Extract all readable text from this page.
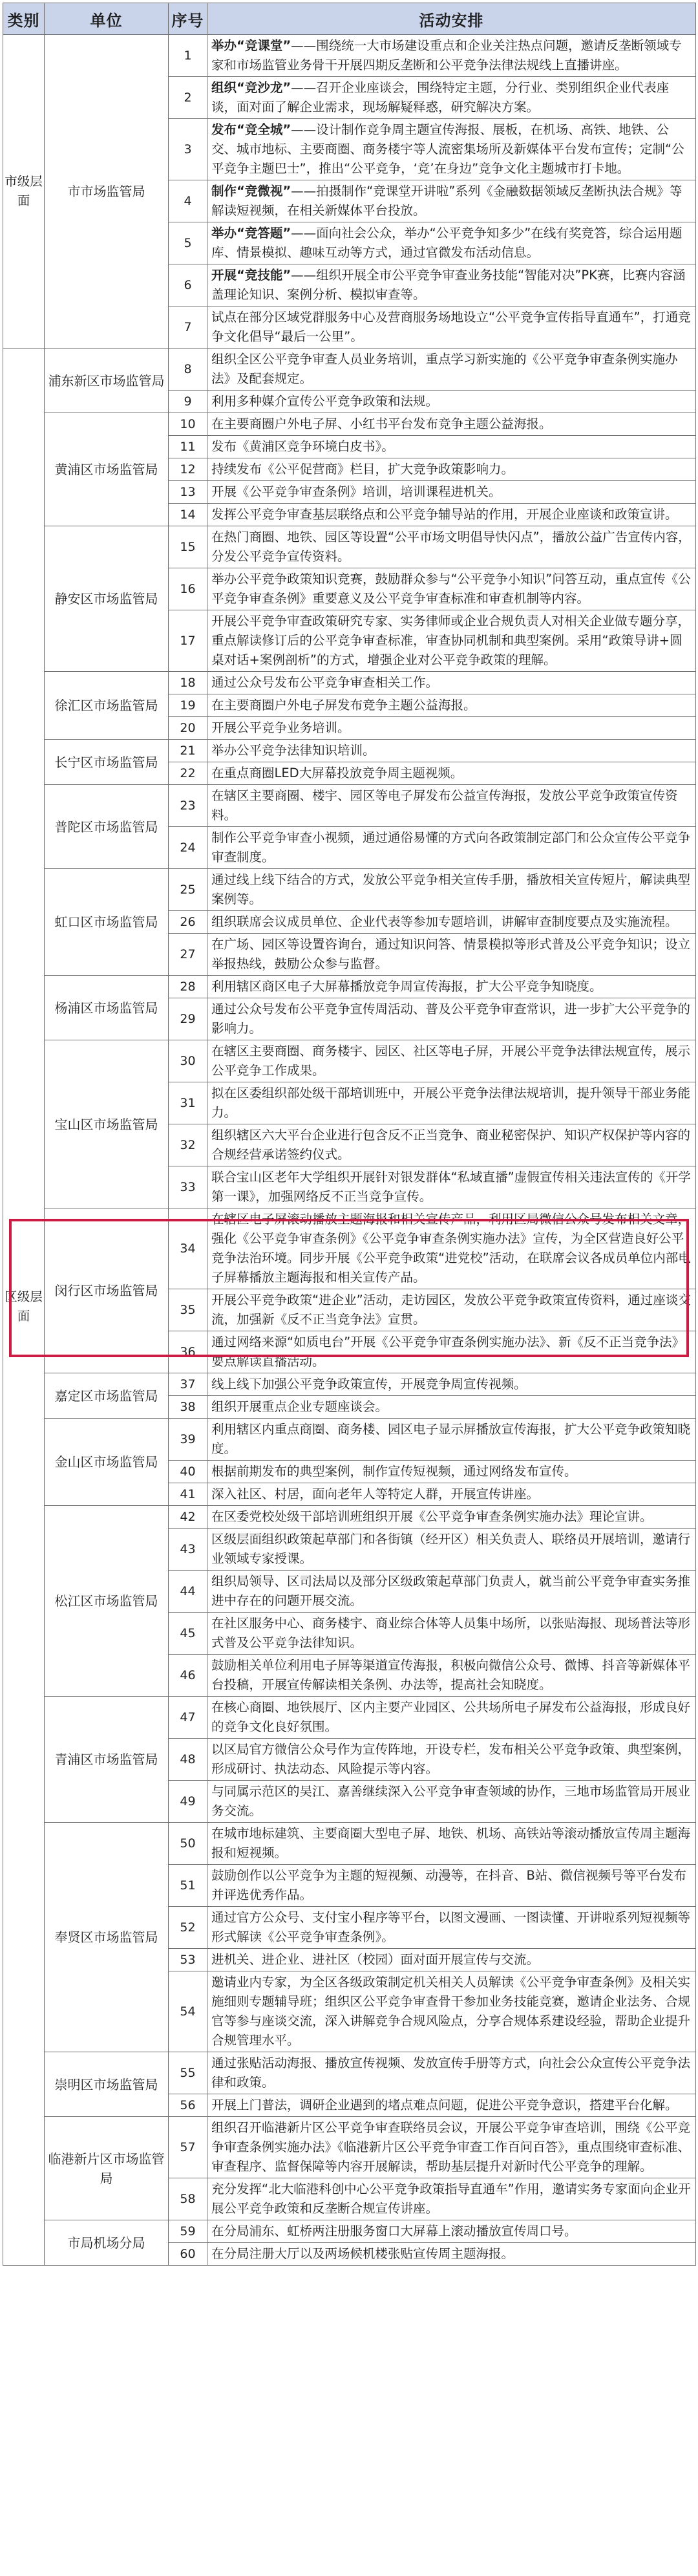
类别	单位	序号	活动安排
市级层面	市市场监管局	1	举办“竞课堂”——围绕统一大市场建设重点和企业关注热点问题，邀请反垄断领域专家和市场监管业务骨干开展四期反垄断和公平竞争法律法规线上直播讲座。
		2	组织“竞沙龙”——召开企业座谈会，围绕特定主题，分行业、类别组织企业代表座谈，面对面了解企业需求，现场解疑释惑，研究解决方案。
		3	发布“竞全城”——设计制作竞争周主题宣传海报、展板，在机场、高铁、地铁、公交、城市地标、主要商圈、商务楼宇等人流密集场所及新媒体平台发布宣传；定制“公平竞争主题巴士”，推出“公平竞争，‘竞’在身边”竞争文化主题城市打卡地。
		4	制作“竞微视”——拍摄制作“竞课堂开讲啦”系列《金融数据领域反垄断执法合规》等解读短视频，在相关新媒体平台投放。
		5	举办“竞答题”——面向社会公众，举办“公平竞争知多少”在线有奖竞答，综合运用题库、情景模拟、趣味互动等方式，通过官微发布活动信息。
		6	开展“竞技能”——组织开展全市公平竞争审查业务技能“智能对决”PK赛，比赛内容涵盖理论知识、案例分析、模拟审查等。
		7	试点在部分区域党群服务中心及营商服务场地设立“公平竞争宣传指导直通车”，打通竞争文化倡导“最后一公里”。
区级层面	浦东新区市场监管局	8	组织全区公平竞争审查人员业务培训，重点学习新实施的《公平竞争审查条例实施办法》及配套规定。
		9	利用多种媒介宣传公平竞争政策和法规。
	黄浦区市场监管局	10	在主要商圈户外电子屏、小红书平台发布竞争主题公益海报。
		11	发布《黄浦区竞争环境白皮书》。
		12	持续发布《公平促营商》栏目，扩大竞争政策影响力。
		13	开展《公平竞争审查条例》培训，培训课程进机关。
		14	发挥公平竞争审查基层联络点和公平竞争辅导站的作用，开展企业座谈和政策宣讲。
	静安区市场监管局	15	在热门商圈、地铁、园区等设置“公平市场文明倡导快闪点”，播放公益广告宣传内容，分发公平竞争宣传资料。
		16	举办公平竞争政策知识竞赛，鼓励群众参与“公平竞争小知识”问答互动，重点宣传《公平竞争审查条例》重要意义及公平竞争审查标准和审查机制等内容。
		17	开展公平竞争审查政策研究专家、实务律师或企业合规负责人对相关企业做专题分享，重点解读修订后的公平竞争审查标准，审查协同机制和典型案例。采用“政策导讲+圆桌对话+案例剖析”的方式，增强企业对公平竞争政策的理解。
	徐汇区市场监管局	18	通过公众号发布公平竞争审查相关工作。
		19	在主要商圈户外电子屏发布竞争主题公益海报。
		20	开展公平竞争业务培训。
	长宁区市场监管局	21	举办公平竞争法律知识培训。
		22	在重点商圈LED大屏幕投放竞争周主题视频。
	普陀区市场监管局	23	在辖区主要商圈、楼宇、园区等电子屏发布公益宣传海报，发放公平竞争政策宣传资料。
		24	制作公平竞争审查小视频，通过通俗易懂的方式向各政策制定部门和公众宣传公平竞争审查制度。
	虹口区市场监管局	25	通过线上线下结合的方式，发放公平竞争相关宣传手册，播放相关宣传短片，解读典型案例等。
		26	组织联席会议成员单位、企业代表等参加专题培训，讲解审查制度要点及实施流程。
		27	在广场、园区等设置咨询台，通过知识问答、情景模拟等形式普及公平竞争知识；设立举报热线，鼓励公众参与监督。
	杨浦区市场监管局	28	利用辖区商区电子大屏幕播放竞争周宣传海报，扩大公平竞争知晓度。
		29	通过公众号发布公平竞争宣传周活动、普及公平竞争审查常识，进一步扩大公平竞争的影响力。
	宝山区市场监管局	30	在辖区主要商圈、商务楼宇、园区、社区等电子屏，开展公平竞争法律法规宣传，展示公平竞争工作成果。
		31	拟在区委组织部处级干部培训班中，开展公平竞争法律法规培训，提升领导干部业务能力。
		32	组织辖区六大平台企业进行包含反不正当竞争、商业秘密保护、知识产权保护等内容的合规经营承诺签约仪式。
		33	联合宝山区老年大学组织开展针对银发群体“私域直播”虚假宣传相关违法宣传的《开学第一课》，加强网络反不正当竞争宣传。
	闵行区市场监管局	34	在辖区电子屏滚动播放主题海报和相关宣传产品，利用区局微信公众号发布相关文章，强化《公平竞争审查条例》《公平竞争审查条例实施办法》宣传，为全区营造良好公平竞争法治环境。同步开展《公平竞争政策“进党校”活动，在联席会议各成员单位内部电子屏幕播放主题海报和相关宣传产品。
		35	开展公平竞争政策“进企业”活动，走访园区，发放公平竞争政策宣传资料，通过座谈交流，加强新《反不正当竞争法》宣贯。
		36	通过网络来源“如质电台”开展《公平竞争审查条例实施办法》、新《反不正当竞争法》要点解读直播活动。
	嘉定区市场监管局	37	线上线下加强公平竞争政策宣传，开展竞争周宣传视频。
		38	组织开展重点企业专题座谈会。
	金山区市场监管局	39	利用辖区内重点商圈、商务楼、园区电子显示屏播放宣传海报，扩大公平竞争政策知晓度。
		40	根据前期发布的典型案例，制作宣传短视频，通过网络发布宣传。
		41	深入社区、村居，面向老年人等特定人群，开展宣传讲座。
	松江区市场监管局	42	在区委党校处级干部培训班组织开展《公平竞争审查条例实施办法》理论宣讲。
		43	区级层面组织政策起草部门和各街镇（经开区）相关负责人、联络员开展培训，邀请行业领域专家授课。
		44	组织局领导、区司法局以及部分区级政策起草部门负责人，就当前公平竞争审查实务推进中存在的问题开展交流。
		45	在社区服务中心、商务楼宇、商业综合体等人员集中场所，以张贴海报、现场普法等形式普及公平竞争法律知识。
		46	鼓励相关单位利用电子屏等渠道宣传海报，积极向微信公众号、微博、抖音等新媒体平台投稿，开展宣传解读相关条例、办法等，提高社会知晓度。
	青浦区市场监管局	47	在核心商圈、地铁展厅、区内主要产业园区、公共场所电子屏发布公益海报，形成良好的竞争文化良好氛围。
		48	以区局官方微信公众号作为宣传阵地，开设专栏，发布相关公平竞争政策、典型案例，形成研讨、执法动态、风险提示等内容。
		49	与同属示范区的吴江、嘉善继续深入公平竞争审查领域的协作，三地市场监管局开展业务交流。
	奉贤区市场监管局	50	在城市地标建筑、主要商圈大型电子屏、地铁、机场、高铁站等滚动播放宣传周主题海报和短视频。
		51	鼓励创作以公平竞争为主题的短视频、动漫等，在抖音、B站、微信视频号等平台发布并评选优秀作品。
		52	通过官方公众号、支付宝小程序等平台，以图文漫画、一图读懂、开讲啦系列短视频等形式解读《公平竞争审查条例》。
		53	进机关、进企业、进社区（校园）面对面开展宣传与交流。
		54	邀请业内专家，为全区各级政策制定机关相关人员解读《公平竞争审查条例》及相关实施细则专题辅导班；组织区公平竞争审查骨干参加业务技能竞赛，邀请企业法务、合规官等参与座谈交流，深入讲解竞争合规风险点，分享合规体系建设经验，帮助企业提升合规管理水平。
	崇明区市场监管局	55	通过张贴活动海报、播放宣传视频、发放宣传手册等方式，向社会公众宣传公平竞争法律和政策。
		56	开展上门普法，调研企业遇到的堵点难点问题，促进公平竞争意识，搭建平台化解。
	临港新片区市场监管局	57	组织召开临港新片区公平竞争审查联络员会议，开展公平竞争审查培训，围绕《公平竞争审查条例实施办法》《临港新片区公平竞争审查工作百问百答》，重点围绕审查标准、审查程序、监督保障等内容开展解读，帮助基层提升对新时代公平竞争的理解。
		58	充分发挥“北大临港科创中心公平竞争政策指导直通车”作用，邀请实务专家面向企业开展公平竞争政策和反垄断合规宣传讲座。
	市局机场分局	59	在分局浦东、虹桥两注册服务窗口大屏幕上滚动播放宣传周口号。
		60	在分局注册大厅以及两场候机楼张贴宣传周主题海报。
